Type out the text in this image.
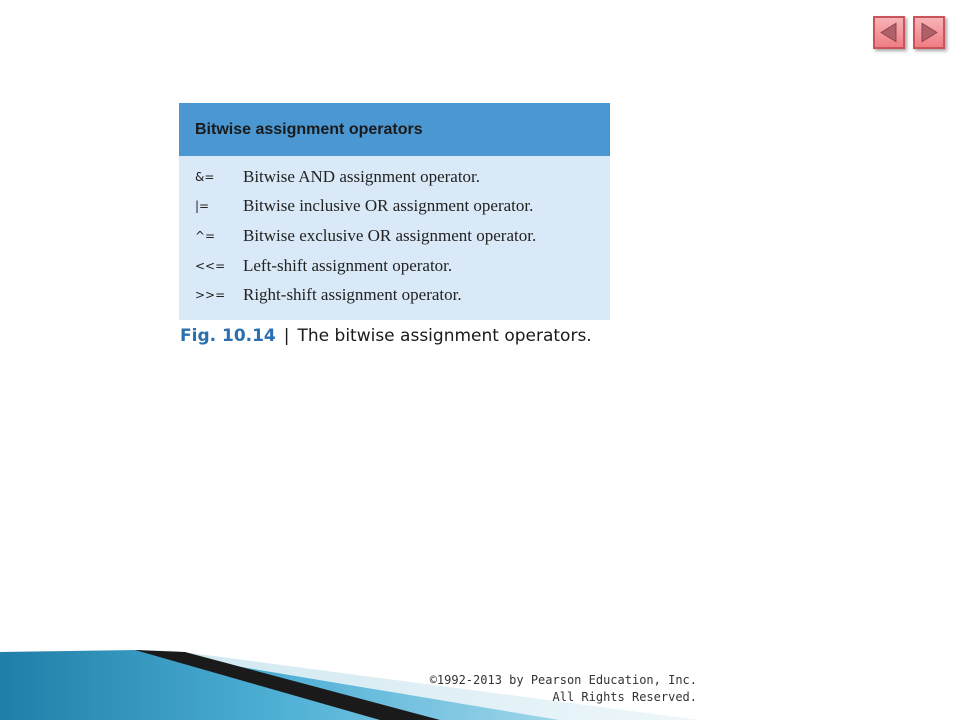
Bitwise assignment operators
&=	Bitwise AND assignment operator.
|=	Bitwise inclusive OR assignment operator.
^=	Bitwise exclusive OR assignment operator.
<<=	Left-shift assignment operator.
>>=	Right-shift assignment operator.
Fig. 10.14 | The bitwise assignment operators.
©1992-2013 by Pearson Education, Inc.
All Rights Reserved.
